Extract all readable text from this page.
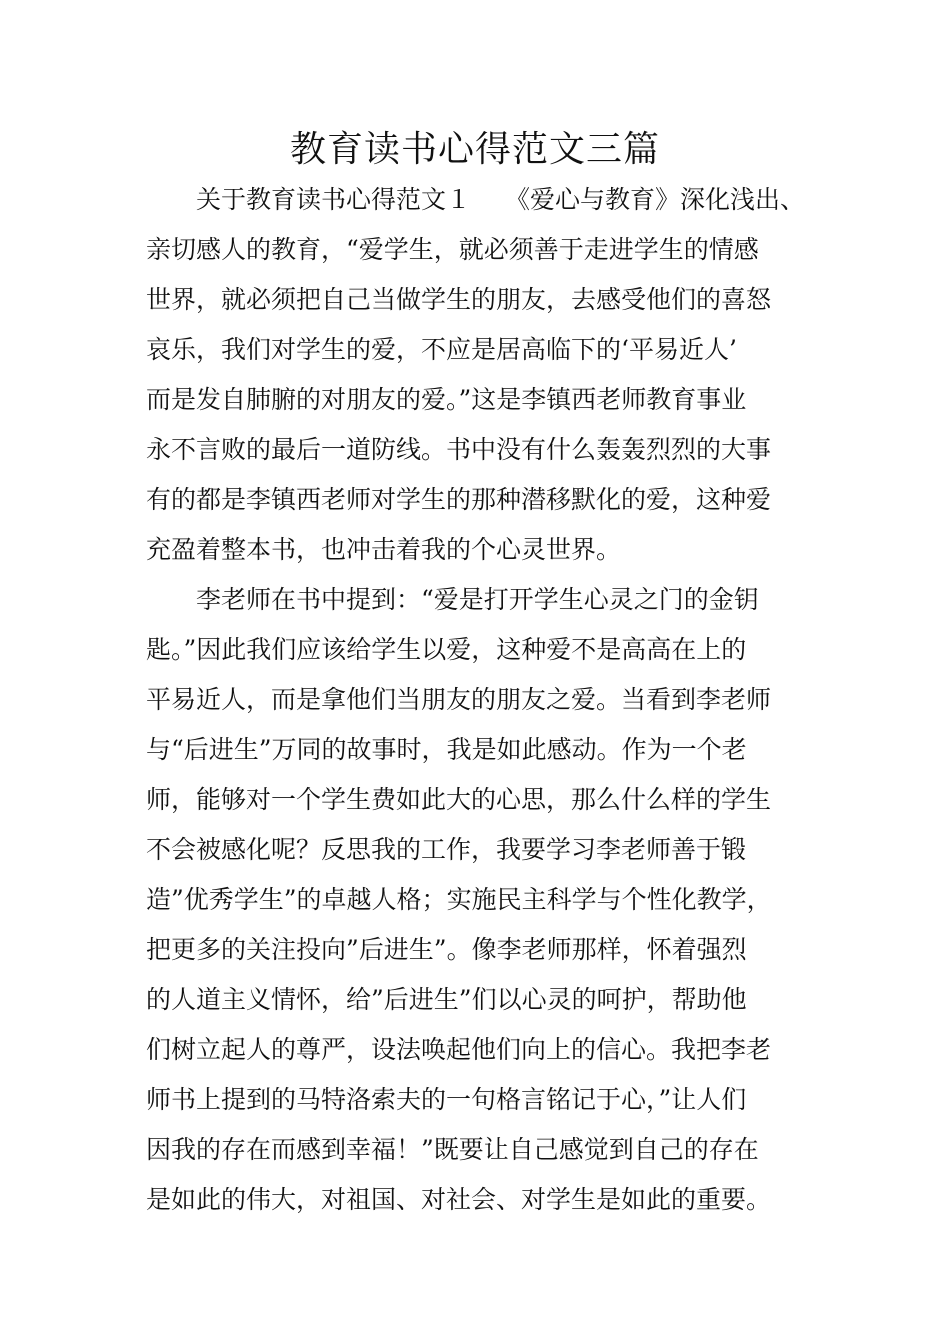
教育读书心得范文三篇
关于教育读书心得范文１ 《爱心与教育》深化浅出、
亲切感人的教育，“爱学生，就必须善于走进学生的情感
世界，就必须把自己当做学生的朋友，去感受他们的喜怒
哀乐，我们对学生的爱，不应是居高临下的‘平易近人’
而是发自肺腑的对朋友的爱。”这是李镇西老师教育事业
永不言败的最后一道防线。书中没有什么轰轰烈烈的大事
有的都是李镇西老师对学生的那种潜移默化的爱，这种爱
充盈着整本书，也冲击着我的个心灵世界。
李老师在书中提到：“爱是打开学生心灵之门的金钥
匙。”因此我们应该给学生以爱，这种爱不是高高在上的
平易近人，而是拿他们当朋友的朋友之爱。当看到李老师
与“后进生”万同的故事时，我是如此感动。作为一个老
师，能够对一个学生费如此大的心思，那么什么样的学生
不会被感化呢？反思我的工作，我要学习李老师善于锻
造”优秀学生”的卓越人格；实施民主科学与个性化教学，
把更多的关注投向”后进生”。像李老师那样，怀着强烈
的人道主义情怀，给”后进生”们以心灵的呵护，帮助他
们树立起人的尊严，设法唤起他们向上的信心。我把李老
师书上提到的马特洛索夫的一句格言铭记于心，”让人们
因我的存在而感到幸福！”既要让自己感觉到自己的存在
是如此的伟大，对祖国、对社会、对学生是如此的重要。
